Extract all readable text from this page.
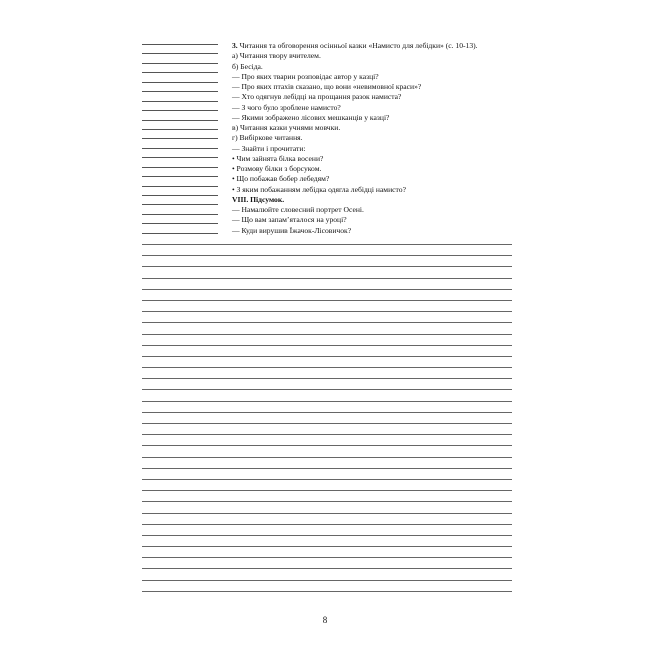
3. Читання та обговорення осінньої казки «Намисто для лебідки» (с. 10-13).
а) Читання твору вчителем.
б) Бесіда.
— Про яких тварин розповідає автор у казці?
— Про яких птахів сказано, що вони «невимовної краси»?
— Хто одягнув лебідці на прощання разок намиста?
— З чого було зроблене намисто?
— Якими зображено лісових мешканців у казці?
в) Читання казки учнями мовчки.
г) Вибіркове читання.
— Знайти і прочитати:
• Чим зайнята білка восени?
• Розмову білки з борсуком.
• Що побажав бобер лебедям?
• З яким побажанням лебідка одягла лебідці намисто?
VIII. Підсумок.
— Намалюйте словесний портрет Осені.
— Що вам запам’яталося на уроці?
— Куди вирушив Їжачок-Лісовичок?
8
